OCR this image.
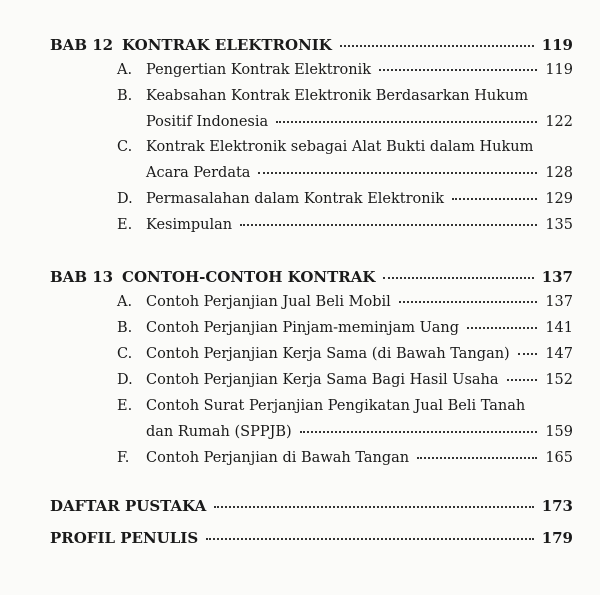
BAB 12 KONTRAK ELEKTRONIK	119
A. Pengertian Kontrak Elektronik	119
B. Keabsahan Kontrak Elektronik Berdasarkan Hukum
Positif Indonesia	122
C. Kontrak Elektronik sebagai Alat Bukti dalam Hukum
Acara Perdata	128
D. Permasalahan dalam Kontrak Elektronik	129
E. Kesimpulan	135
BAB 13 CONTOH-CONTOH KONTRAK	137
A. Contoh Perjanjian Jual Beli Mobil	137
B. Contoh Perjanjian Pinjam-meminjam Uang	141
C. Contoh Perjanjian Kerja Sama (di Bawah Tangan) 147
D. Contoh Perjanjian Kerja Sama Bagi Hasil Usaha	152
E. Contoh Surat Perjanjian Pengikatan Jual Beli Tanah
dan Rumah (SPPJB)	159
F.	Contoh Perjanjian di Bawah Tangan	165
DAFTAR PUSTAKA	173
PROFIL PENULIS	179
